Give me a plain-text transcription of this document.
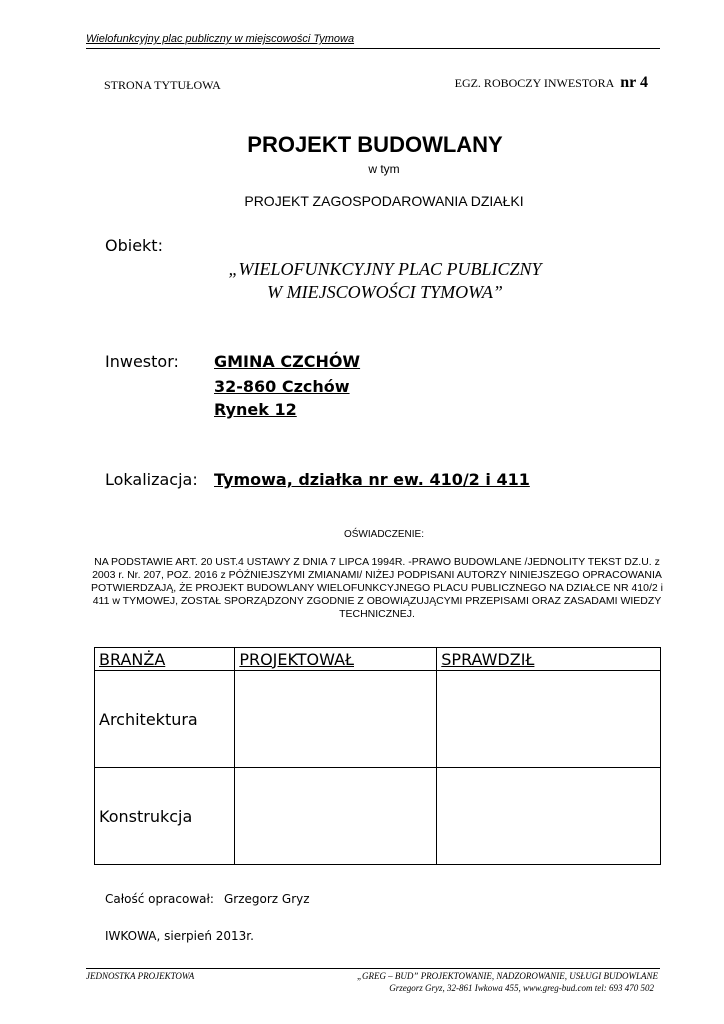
Wielofunkcyjny plac publiczny w miejscowości Tymowa
STRONA TYTUŁOWA	EGZ. ROBOCZY INWESTORA nr 4
PROJEKT BUDOWLANY
w tym
PROJEKT ZAGOSPODAROWANIA DZIAŁKI
Obiekt:
„WIELOFUNKCYJNY PLAC PUBLICZNY
W MIEJSCOWOŚCI TYMOWA”
Inwestor: GMINA CZCHÓW
32-860 Czchów
Rynek 12
Lokalizacja: Tymowa, działka nr ew. 410/2 i 411
OŚWIADCZENIE:
NA PODSTAWIE ART. 20 UST.4 USTAWY Z DNIA 7 LIPCA 1994R. -PRAWO BUDOWLANE /JEDNOLITY TEKST DZ.U. z 2003 r. Nr. 207, POZ. 2016 z PÓŹNIEJSZYMI ZMIANAMI/ NIŻEJ PODPISANI AUTORZY NINIEJSZEGO OPRACOWANIA POTWIERDZAJĄ, ŻE PROJEKT BUDOWLANY WIELOFUNKCYJNEGO PLACU PUBLICZNEGO NA DZIAŁCE NR 410/2 i 411 w TYMOWEJ, ZOSTAŁ SPORZĄDZONY ZGODNIE Z OBOWIĄZUJĄCYMI PRZEPISAMI ORAZ ZASADAMI WIEDZY TECHNICZNEJ.
BRANŻA	PROJEKTOWAŁ	SPRAWDZIŁ
Architektura		
Konstrukcja		
Całość opracował: Grzegorz Gryz
IWKOWA, sierpień 2013r.
JEDNOSTKA PROJEKTOWA	„GREG – BUD” PROJEKTOWANIE, NADZOROWANIE, USŁUGI BUDOWLANE
Grzegorz Gryz, 32-861 Iwkowa 455, www.greg-bud.com tel: 693 470 502
